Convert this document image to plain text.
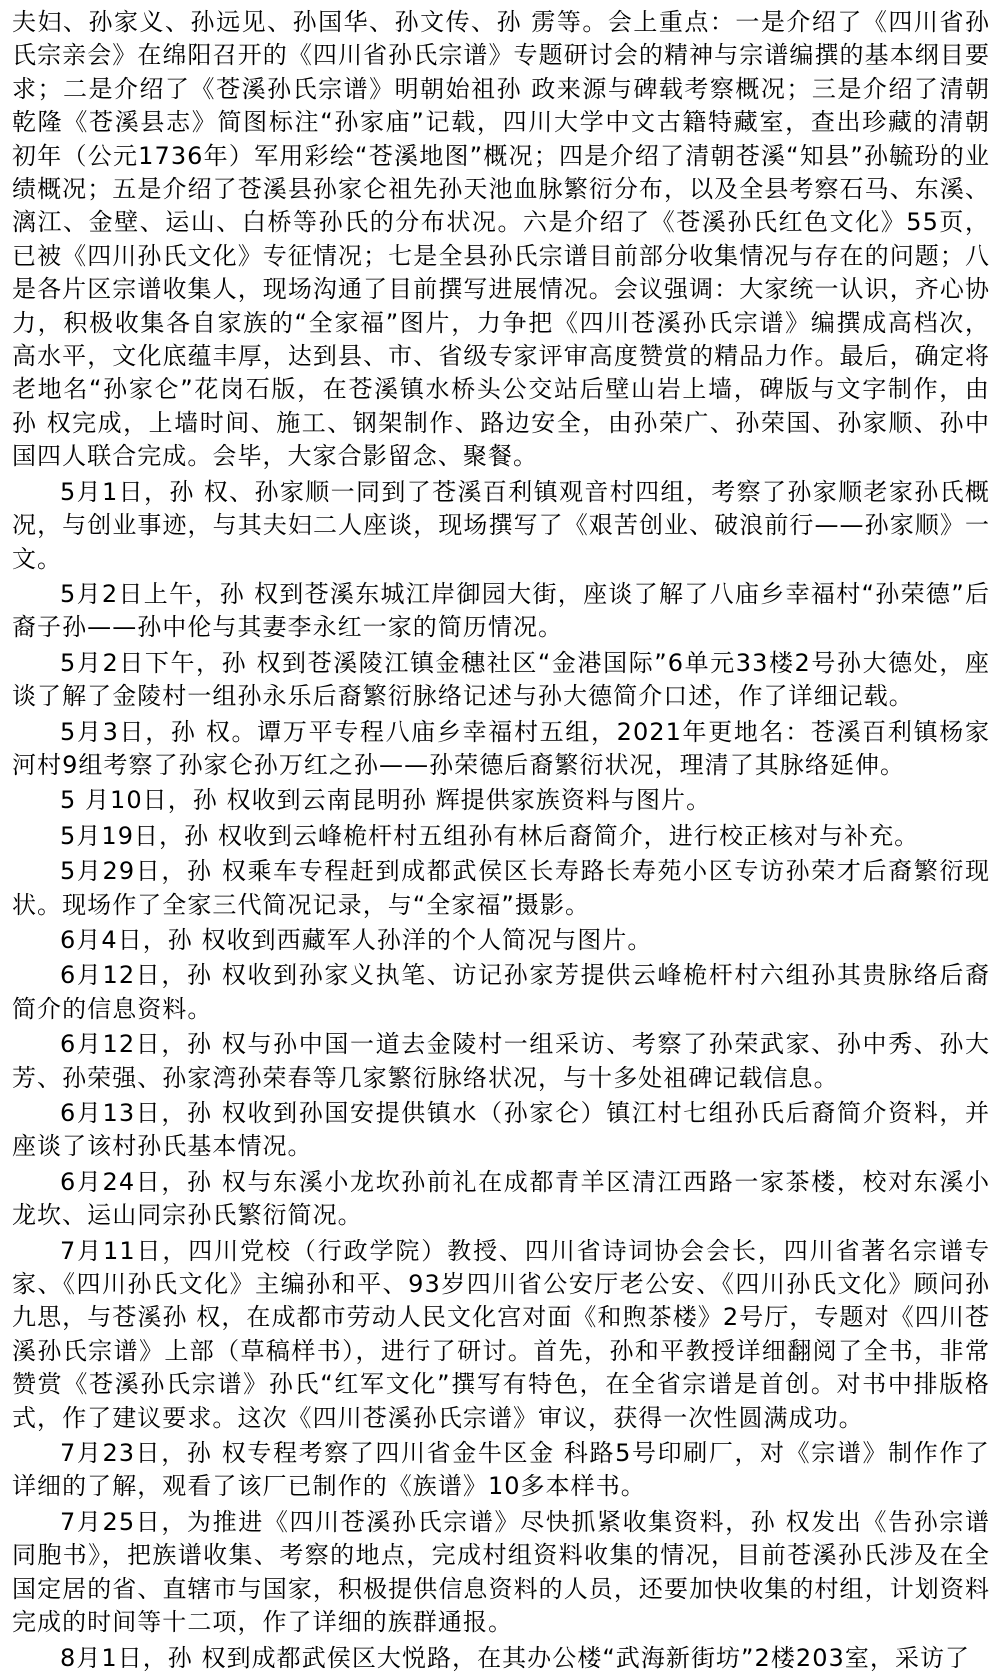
夫妇、孙家义、孙远见、孙国华、孙文传、孙 雳等。会上重点：一是介绍了《四川省孙氏宗亲会》在绵阳召开的《四川省孙氏宗谱》专题研讨会的精神与宗谱编撰的基本纲目要求；二是介绍了《苍溪孙氏宗谱》明朝始祖孙 政来源与碑载考察概况；三是介绍了清朝乾隆《苍溪县志》简图标注“孙家庙”记载，四川大学中文古籍特藏室，查出珍藏的清朝初年（公元1736年）军用彩绘“苍溪地图”概况；四是介绍了清朝苍溪“知县”孙毓玢的业绩概况；五是介绍了苍溪县孙家仑祖先孙天池血脉繁衍分布，以及全县考察石马、东溪、漓江、金壁、运山、白桥等孙氏的分布状况。六是介绍了《苍溪孙氏红色文化》55页，已被《四川孙氏文化》专征情况；七是全县孙氏宗谱目前部分收集情况与存在的问题；八是各片区宗谱收集人，现场沟通了目前撰写进展情况。会议强调：大家统一认识，齐心协力，积极收集各自家族的“全家福”图片，力争把《四川苍溪孙氏宗谱》编撰成高档次，高水平，文化底蕴丰厚，达到县、市、省级专家评审高度赞赏的精品力作。最后，确定将老地名“孙家仑”花岗石版，在苍溪镇水桥头公交站后壁山岩上墙，碑版与文字制作，由孙 权完成，上墙时间、施工、钢架制作、路边安全，由孙荣广、孙荣国、孙家顺、孙中国四人联合完成。会毕，大家合影留念、聚餐。

5月1日，孙 权、孙家顺一同到了苍溪百利镇观音村四组，考察了孙家顺老家孙氏概况，与创业事迹，与其夫妇二人座谈，现场撰写了《艰苦创业、破浪前行——孙家顺》一文。

5月2日上午，孙 权到苍溪东城江岸御园大街，座谈了解了八庙乡幸福村“孙荣德”后裔子孙——孙中伦与其妻李永红一家的简历情况。

5月2日下午，孙 权到苍溪陵江镇金穗社区“金港国际”6单元33楼2号孙大德处，座谈了解了金陵村一组孙永乐后裔繁衍脉络记述与孙大德简介口述，作了详细记载。

5月3日，孙 权。谭万平专程八庙乡幸福村五组，2021年更地名：苍溪百利镇杨家河村9组考察了孙家仑孙万红之孙——孙荣德后裔繁衍状况，理清了其脉络延伸。

5 月10日，孙 权收到云南昆明孙 辉提供家族资料与图片。

5月19日，孙 权收到云峰桅杆村五组孙有林后裔简介，进行校正核对与补充。

5月29日，孙 权乘车专程赶到成都武侯区长寿路长寿苑小区专访孙荣才后裔繁衍现状。现场作了全家三代简况记录，与“全家福”摄影。

6月4日，孙 权收到西藏军人孙洋的个人简况与图片。

6月12日，孙 权收到孙家义执笔、访记孙家芳提供云峰桅杆村六组孙其贵脉络后裔简介的信息资料。

6月12日，孙 权与孙中国一道去金陵村一组采访、考察了孙荣武家、孙中秀、孙大芳、孙荣强、孙家湾孙荣春等几家繁衍脉络状况，与十多处祖碑记载信息。

6月13日，孙 权收到孙国安提供镇水（孙家仑）镇江村七组孙氏后裔简介资料，并座谈了该村孙氏基本情况。

6月24日，孙 权与东溪小龙坎孙前礼在成都青羊区清江西路一家茶楼，校对东溪小龙坎、运山同宗孙氏繁衍简况。

7月11日，四川党校（行政学院）教授、四川省诗词协会会长，四川省著名宗谱专家、《四川孙氏文化》主编孙和平、93岁四川省公安厅老公安、《四川孙氏文化》顾问孙九思，与苍溪孙 权，在成都市劳动人民文化宫对面《和煦茶楼》2号厅，专题对《四川苍溪孙氏宗谱》上部（草稿样书），进行了研讨。首先，孙和平教授详细翻阅了全书，非常赞赏《苍溪孙氏宗谱》孙氏“红军文化”撰写有特色，在全省宗谱是首创。对书中排版格式，作了建议要求。这次《四川苍溪孙氏宗谱》审议，获得一次性圆满成功。

7月23日，孙 权专程考察了四川省金牛区金 科路5号印刷厂，对《宗谱》制作作了详细的了解，观看了该厂已制作的《族谱》10多本样书。

7月25日，为推进《四川苍溪孙氏宗谱》尽快抓紧收集资料，孙 权发出《告孙宗谱同胞书》，把族谱收集、考察的地点，完成村组资料收集的情况，目前苍溪孙氏涉及在全国定居的省、直辖市与国家，积极提供信息资料的人员，还要加快收集的村组，计划资料完成的时间等十二项，作了详细的族群通报。

8月1日，孙 权到成都武侯区大悦路，在其办公楼“武海新街坊”2楼203室，采访了
